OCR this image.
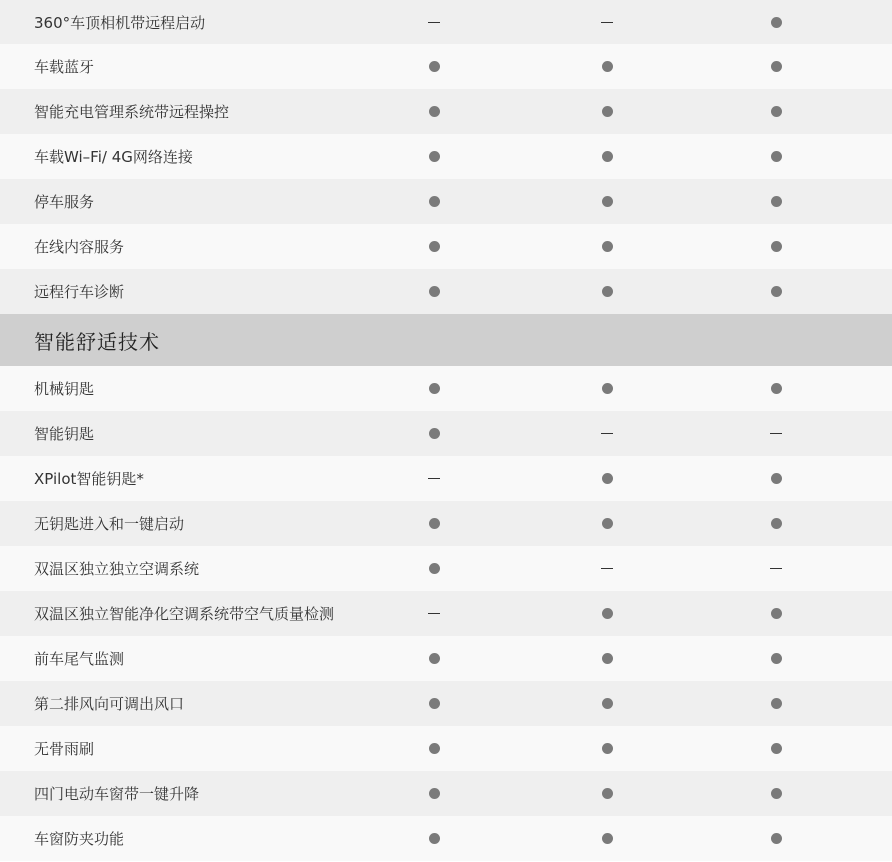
360°车顶相机带远程启动
车载蓝牙
智能充电管理系统带远程操控
车载Wi–Fi/ 4G网络连接
停车服务
在线内容服务
远程行车诊断
智能舒适技术
机械钥匙
智能钥匙
XPilot智能钥匙*
无钥匙进入和一键启动
双温区独立独立空调系统
双温区独立智能净化空调系统带空气质量检测
前车尾气监测
第二排风向可调出风口
无骨雨刷
四门电动车窗带一键升降
车窗防夹功能
